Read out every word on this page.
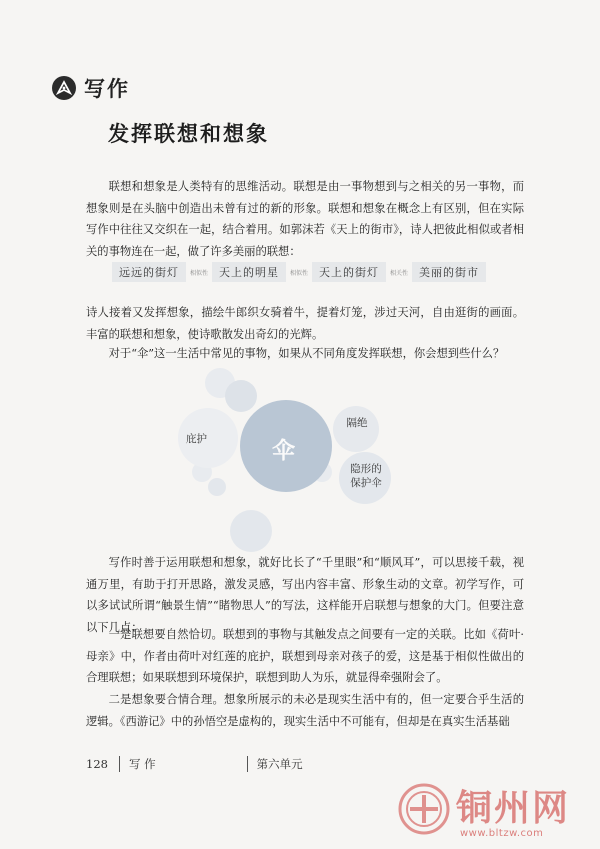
写作
发挥联想和想象

联想和想象是人类特有的思维活动。联想是由一事物想到与之相关的另一事物，而想象则是在头脑中创造出未曾有过的新的形象。联想和想象在概念上有区别，但在实际写作中往往又交织在一起，结合着用。如郭沫若《天上的街市》，诗人把彼此相似或者相关的事物连在一起，做了许多美丽的联想：

远远的街灯	相似性	天上的明星	相似性	天上的街灯	相关性	美丽的街市

诗人接着又发挥想象，描绘牛郎织女骑着牛，提着灯笼，涉过天河，自由逛街的画面。丰富的联想和想象，使诗歌散发出奇幻的光辉。

对于“伞”这一生活中常见的事物，如果从不同角度发挥联想，你会想到些什么？

伞
庇护
隔绝
隐形的保护伞

写作时善于运用联想和想象，就好比长了“千里眼”和“顺风耳”，可以思接千载，视通万里，有助于打开思路，激发灵感，写出内容丰富、形象生动的文章。初学写作，可以多试试所谓“触景生情”“睹物思人”的写法，这样能开启联想与想象的大门。但要注意以下几点：

一是联想要自然恰切。联想到的事物与其触发点之间要有一定的关联。比如《荷叶·母亲》中，作者由荷叶对红莲的庇护，联想到母亲对孩子的爱，这是基于相似性做出的合理联想；如果联想到环境保护，联想到助人为乐，就显得牵强附会了。

二是想象要合情合理。想象所展示的未必是现实生活中有的，但一定要合乎生活的逻辑。《西游记》中的孙悟空是虚构的，现实生活中不可能有，但却是在真实生活基础

128 写 作	第六单元
铜州网
www.bltzw.com
